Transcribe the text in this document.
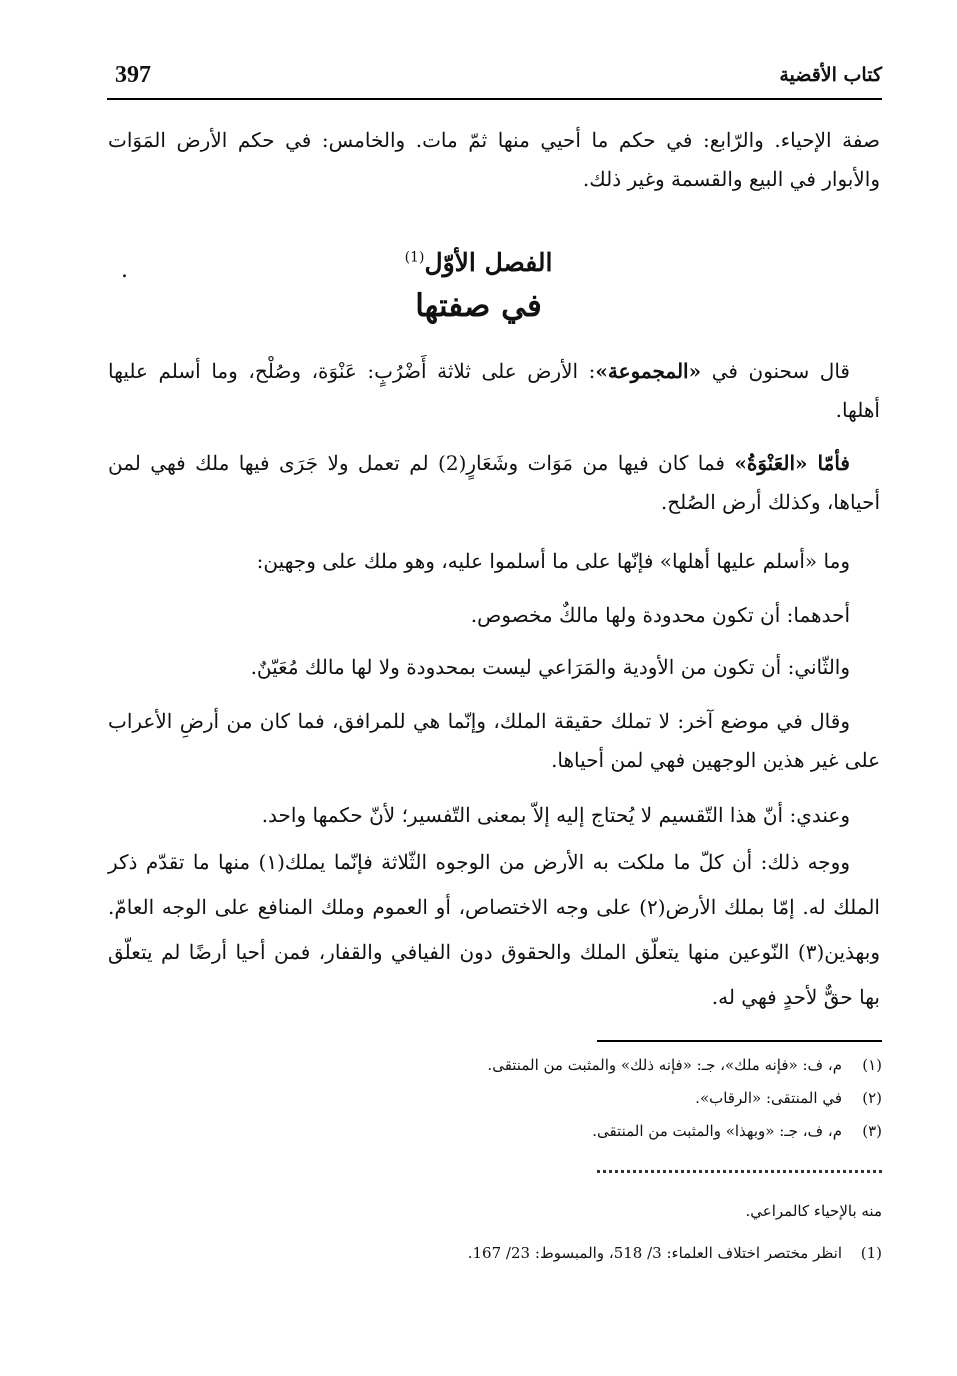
397	كتاب الأقضية
صفة الإحياء. والرّابع: في حكم ما أحيي منها ثمّ مات. والخامس: في حكم الأرض المَوَات والأبوار في البيع والقسمة وغير ذلك.
الفصل الأوّل$^{(1)}$
في صفتها
.
قال سحنون في «المجموعة»: الأرض على ثلاثة أَضْرُبٍ: عَنْوَة، وصُلْح، وما أسلم عليها أهلها.
فأمّا «العَنْوَةُ» فما كان فيها من مَوَات وشَعَارٍ(2) لم تعمل ولا جَرَى فيها ملك فهي لمن أحياها، وكذلك أرض الصُلح.
وما «أسلم عليها أهلها» فإنّها على ما أسلموا عليه، وهو ملك على وجهين:
أحدهما: أن تكون محدودة ولها مالكٌ مخصوص.
والثّاني: أن تكون من الأودية والمَرَاعي ليست بمحدودة ولا لها مالك مُعَيّنٌ.
وقال في موضع آخر: لا تملك حقيقة الملك، وإنّما هي للمرافق، فما كان من أرضِ الأعراب على غير هذين الوجهين فهي لمن أحياها.
وعندي: أنّ هذا التّقسيم لا يُحتاج إليه إلاّ بمعنى التّفسير؛ لأنّ حكمها واحد.
ووجه ذلك: أن كلّ ما ملكت به الأرض من الوجوه الثّلاثة فإنّما يملك(١) منها ما تقدّم ذكر الملك له. إمّا بملك الأرض(٢) على وجه الاختصاص، أو العموم وملك المنافع على الوجه العامّ. وبهذين(٣) النّوعين منها يتعلّق الملك والحقوق دون الفيافي والقفار، فمن أحيا أرضًا لم يتعلّق بها حقٌّ لأحدٍ فهي له.
(١)م، ف: «فإنه ملك»، جـ: «فإنه ذلك» والمثبت من المنتقى.
(٢)في المنتقى: «الرقاب».
(٣)م، ف، جـ: «وبهذا» والمثبت من المنتقى.
منه بالإحياء كالمراعي.
(1)انظر مختصر اختلاف العلماء: 3/ 518، والمبسوط: 23/ 167.
